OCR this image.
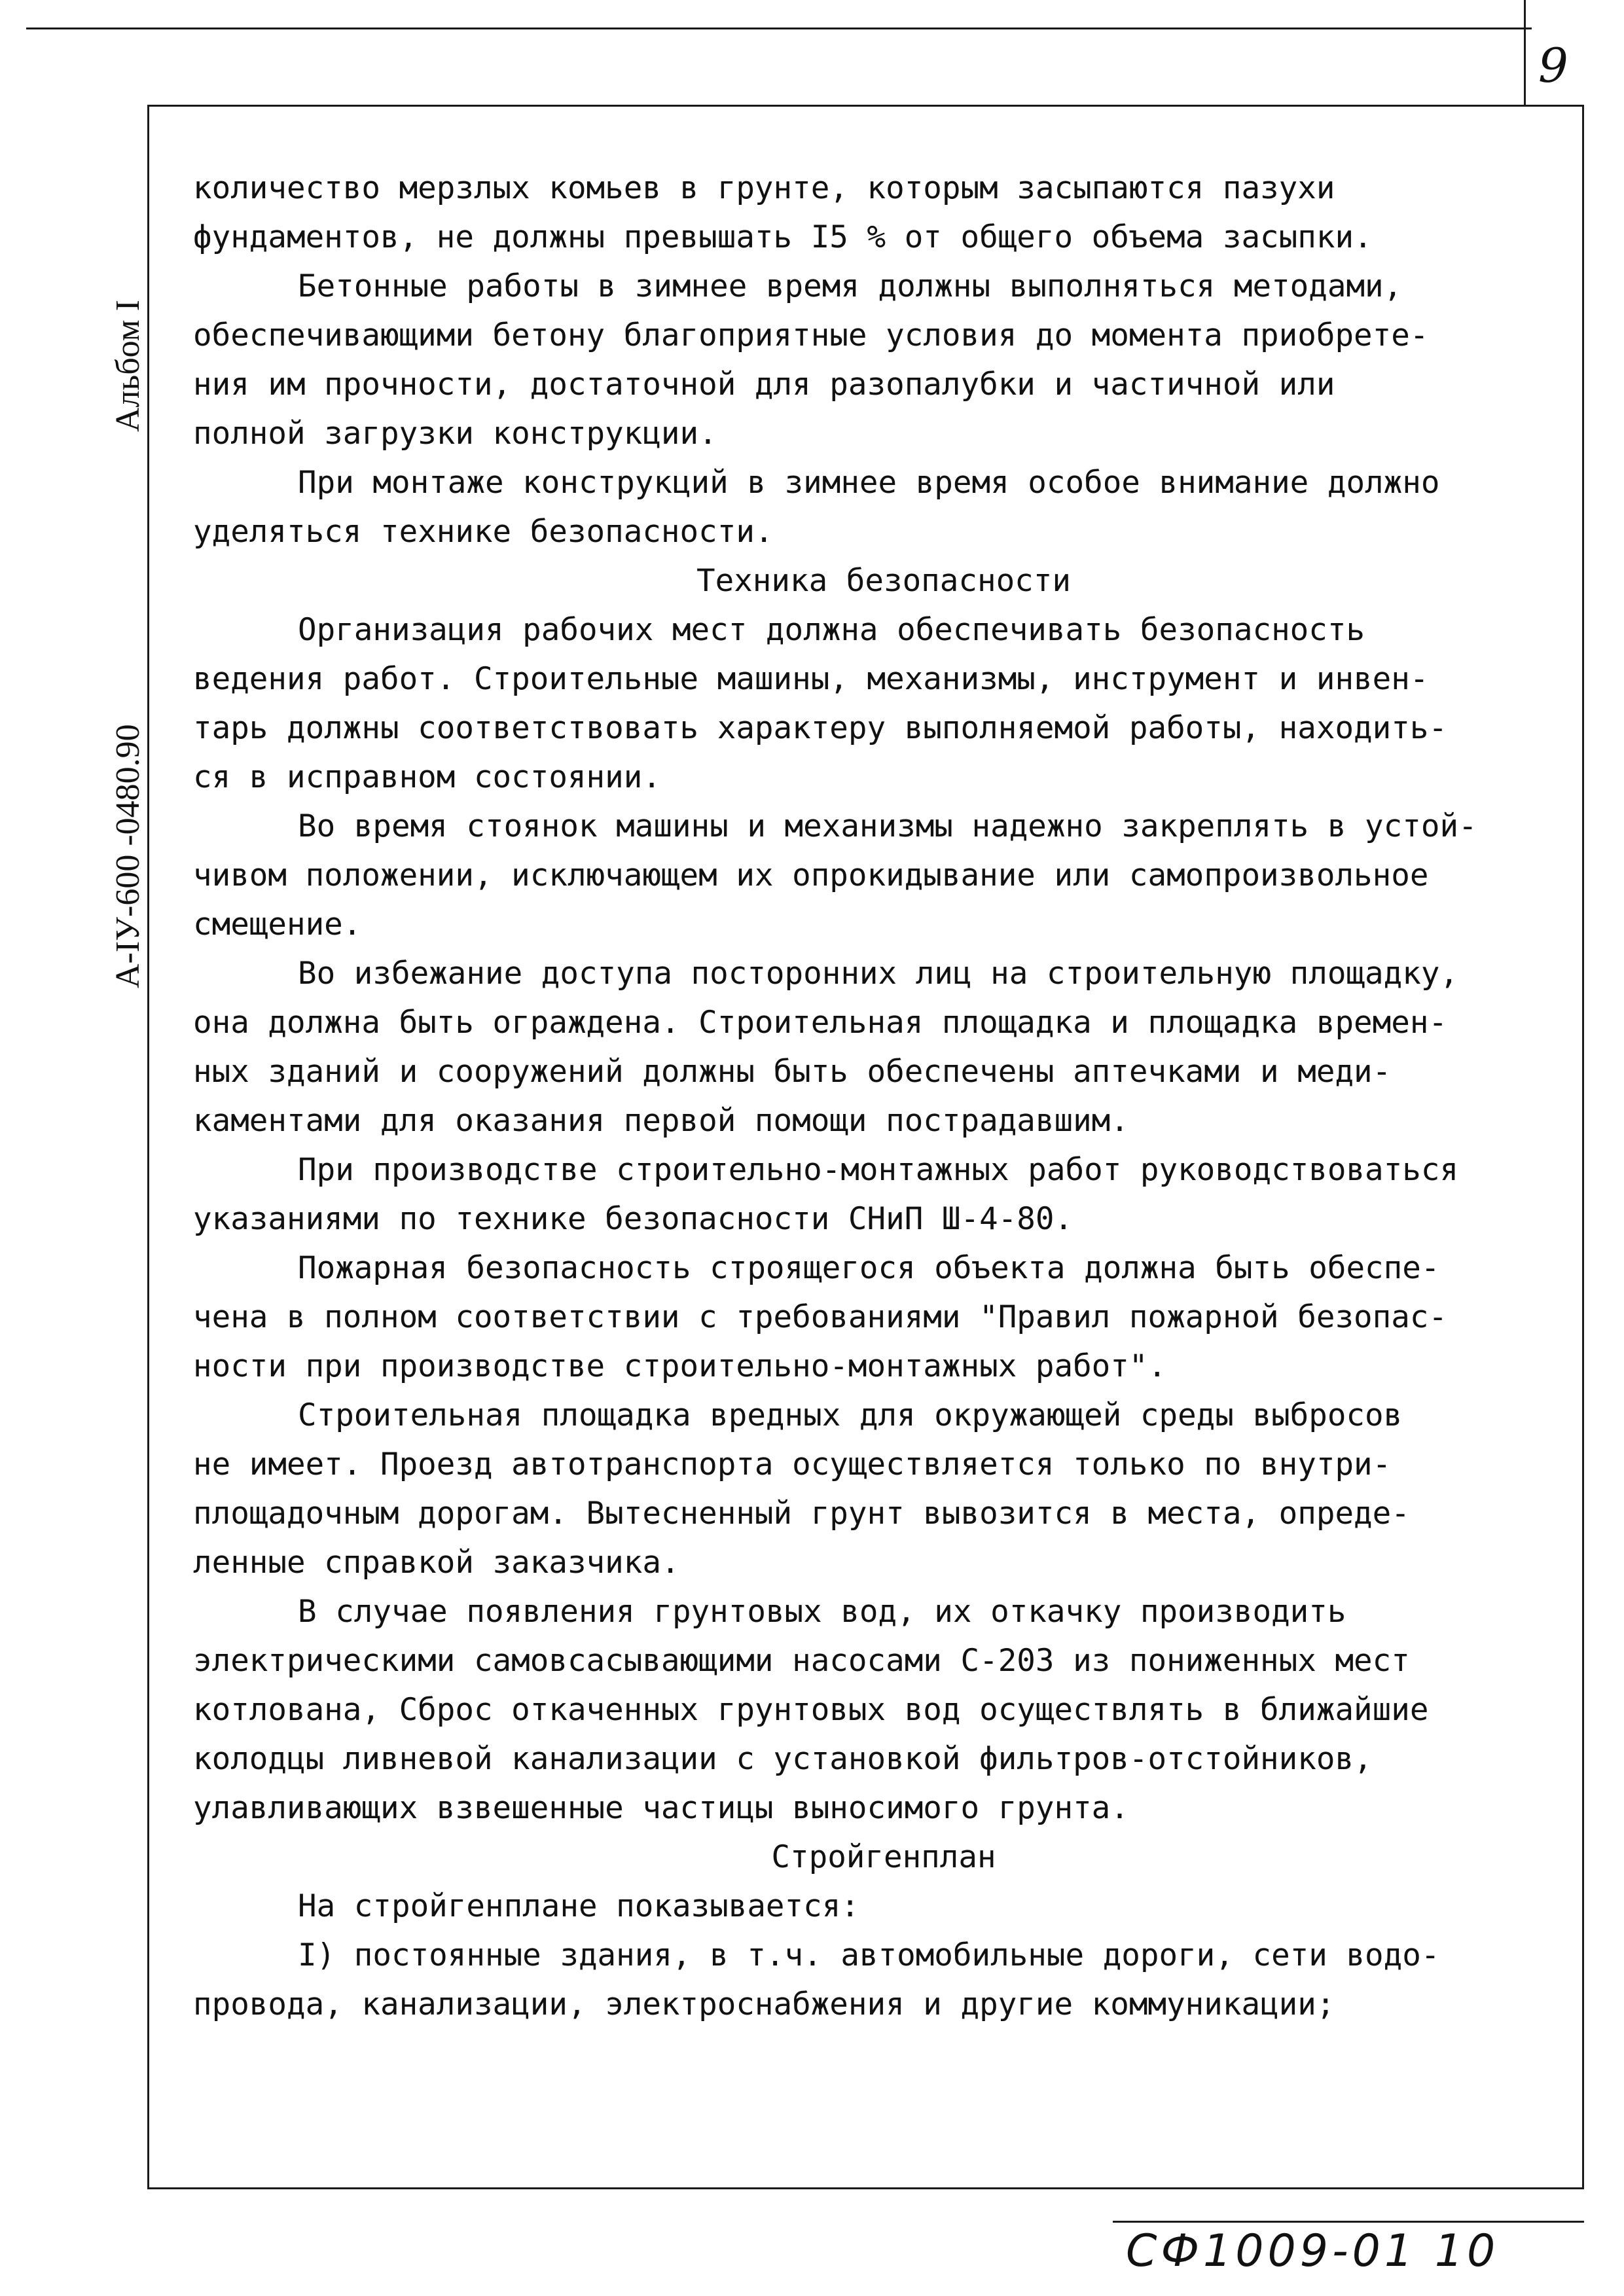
9
Альбом I
А-IУ-600 -0480.90
количество мерзлых комьев в грунте, которым засыпаются пазухи
фундаментов, не должны превышать I5 % от общего объема засыпки.
Бетонные работы в зимнее время должны выполняться методами,
обеспечивающими бетону благоприятные условия до момента приобрете-
ния им прочности, достаточной для разопалубки и частичной или
полной загрузки конструкции.
При монтаже конструкций в зимнее время особое внимание должно
уделяться технике безопасности.
Техника безопасности
Организация рабочих мест должна обеспечивать безопасность
ведения работ. Строительные машины, механизмы, инструмент и инвен-
тарь должны соответствовать характеру выполняемой работы, находить-
ся в исправном состоянии.
Во время стоянок машины и механизмы надежно закреплять в устой-
чивом положении, исключающем их опрокидывание или самопроизвольное
смещение.
Во избежание доступа посторонних лиц на строительную площадку,
она должна быть ограждена. Строительная площадка и площадка времен-
ных зданий и сооружений должны быть обеспечены аптечками и меди-
каментами для оказания первой помощи пострадавшим.
При производстве строительно-монтажных работ руководствоваться
указаниями по технике безопасности СНиП Ш-4-80.
Пожарная безопасность строящегося объекта должна быть обеспе-
чена в полном соответствии с требованиями "Правил пожарной безопас-
ности при производстве строительно-монтажных работ".
Строительная площадка вредных для окружающей среды выбросов
не имеет. Проезд автотранспорта осуществляется только по внутри-
площадочным дорогам. Вытесненный грунт вывозится в места, опреде-
ленные справкой заказчика.
В случае появления грунтовых вод, их откачку производить
электрическими самовсасывающими насосами С-203 из пониженных мест
котлована, Сброс откаченных грунтовых вод осуществлять в ближайшие
колодцы ливневой канализации с установкой фильтров-отстойников,
улавливающих взвешенные частицы выносимого грунта.
Стройгенплан
На стройгенплане показывается:
I) постоянные здания, в т.ч. автомобильные дороги, сети водо-
провода, канализации, электроснабжения и другие коммуникации;
СФ1009-01 10
